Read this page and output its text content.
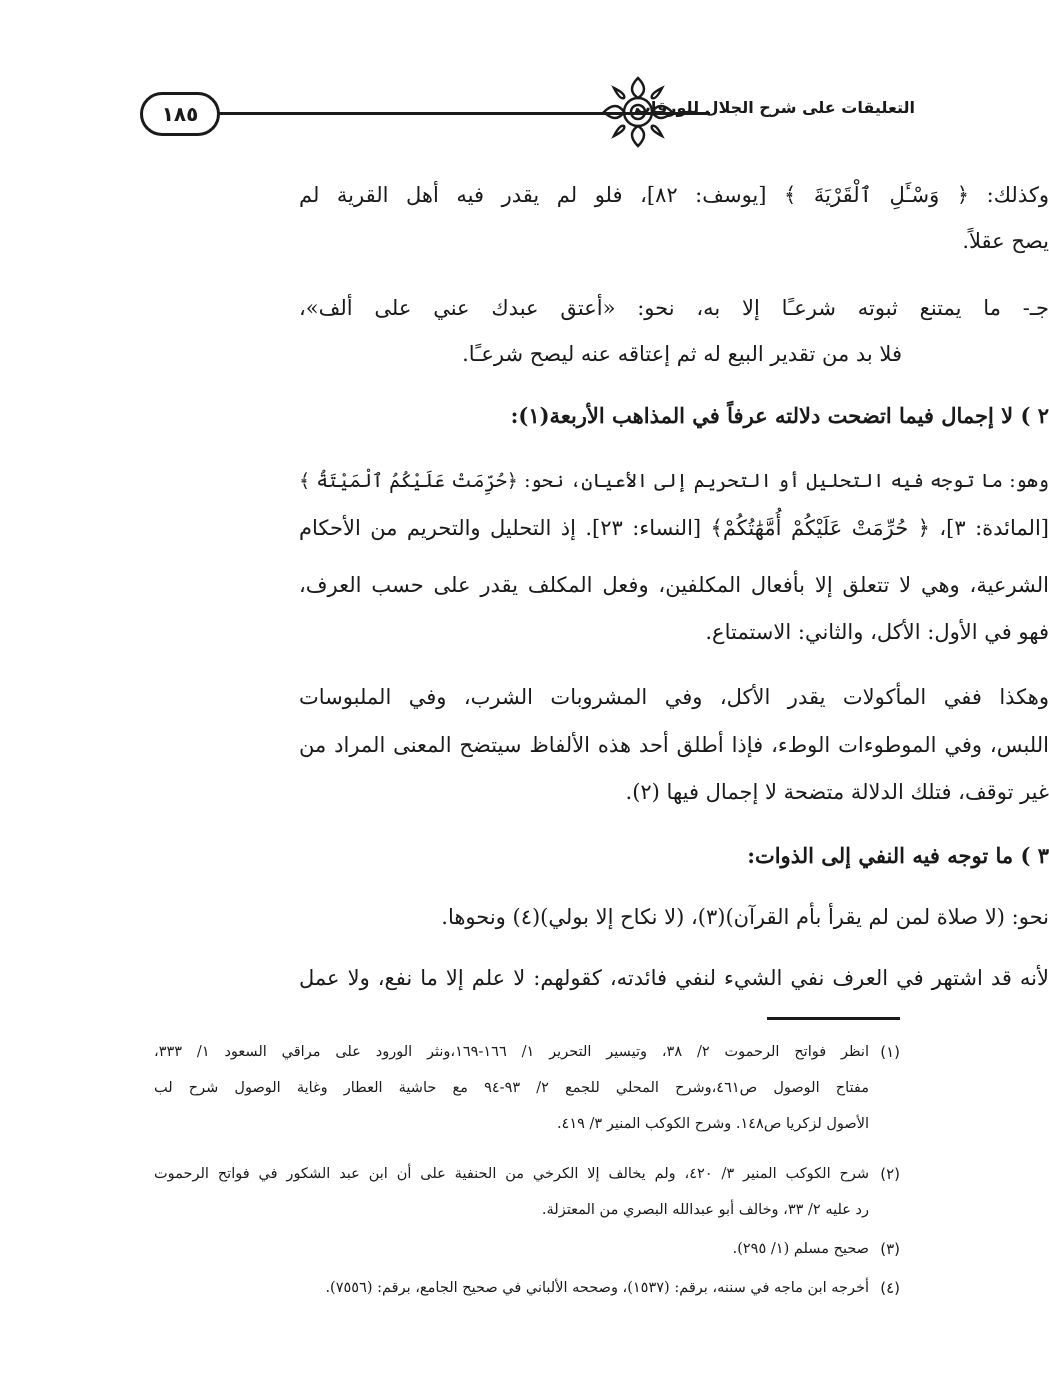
١٨٥	التعليقات على شرح الجلال للورقات
وكذلك: ﴿ وَسْـَٔلِ ٱلْقَرْيَةَ ﴾ [يوسف: ٨٢]، فلو لم يقدر فيه أهل القرية لم
يصح عقلاً.
جـ- ما يمتنع ثبوته شرعـًا إلا به، نحو: «أعتق عبدك عني على ألف»،
فلا بد من تقدير البيع له ثم إعتاقه عنه ليصح شرعـًا.
٢ ) لا إجمال فيما اتضحت دلالته عرفاً في المذاهب الأربعة(١):
وهو: ما توجه فيه التحليل أو التحريم إلى الأعيان، نحو: ﴿حُرِّمَتْ عَلَيْكُمُ ٱلْمَيْتَةُ ﴾
[المائدة: ٣]، ﴿ حُرِّمَتْ عَلَيْكُمْ أُمَّهَٰتُكُمْ﴾ [النساء: ٢٣]. إذ التحليل والتحريم من الأحكام
الشرعية، وهي لا تتعلق إلا بأفعال المكلفين، وفعل المكلف يقدر على حسب العرف،
فهو في الأول: الأكل، والثاني: الاستمتاع.
وهكذا ففي المأكولات يقدر الأكل، وفي المشروبات الشرب، وفي الملبوسات
اللبس، وفي الموطوءات الوطء، فإذا أطلق أحد هذه الألفاظ سيتضح المعنى المراد من
غير توقف، فتلك الدلالة متضحة لا إجمال فيها (٢).
٣ ) ما توجه فيه النفي إلى الذوات:
نحو: (لا صلاة لمن لم يقرأ بأم القرآن)(٣)، (لا نكاح إلا بولي)(٤) ونحوها.
لأنه قد اشتهر في العرف نفي الشيء لنفي فائدته، كقولهم: لا علم إلا ما نفع، ولا عمل
(١)
انظر فواتح الرحموت ٢/ ٣٨، وتيسير التحرير ١/ ١٦٦-١٦٩،ونثر الورود على مراقي السعود ١/ ٣٣٣،
مفتاح الوصول ص٤٦١،وشرح المحلي للجمع ٢/ ٩٣-٩٤ مع حاشية العطار وغاية الوصول شرح لب
الأصول لزكريا ص١٤٨. وشرح الكوكب المنير ٣/ ٤١٩.
(٢)
شرح الكوكب المنير ٣/ ٤٢٠، ولم يخالف إلا الكرخي من الحنفية على أن ابن عبد الشكور في فواتح الرحموت
رد عليه ٢/ ٣٣، وخالف أبو عبدالله البصري من المعتزلة.
(٣)
صحيح مسلم (١/ ٢٩٥).
(٤)
أخرجه ابن ماجه في سننه، برقم: (١٥٣٧)، وصححه الألباني في صحيح الجامع، برقم: (٧٥٥٦).
